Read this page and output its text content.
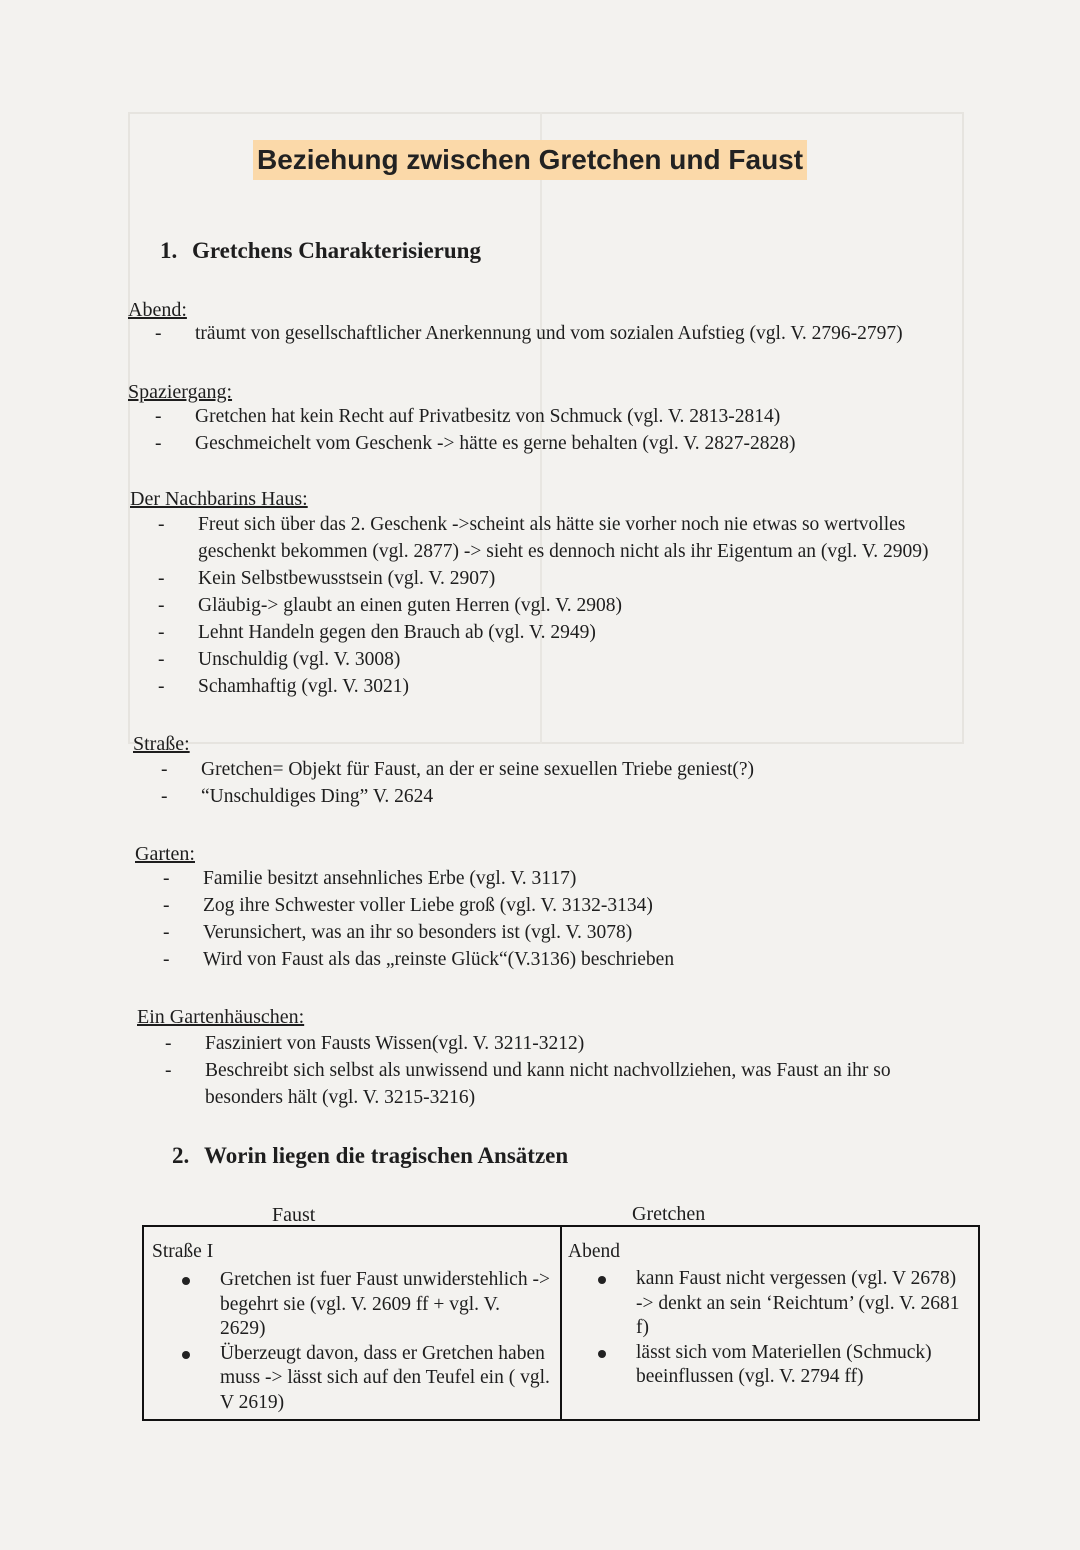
Beziehung zwischen Gretchen und Faust
1. Gretchens Charakterisierung
Abend:
- träumt von gesellschaftlicher Anerkennung und vom sozialen Aufstieg (vgl. V. 2796-2797)
Spaziergang:
- Gretchen hat kein Recht auf Privatbesitz von Schmuck (vgl. V. 2813-2814)
- Geschmeichelt vom Geschenk -> hätte es gerne behalten (vgl. V. 2827-2828)
Der Nachbarins Haus:
- Freut sich über das 2. Geschenk ->scheint als hätte sie vorher noch nie etwas so wertvolles geschenkt bekommen (vgl. 2877) -> sieht es dennoch nicht als ihr Eigentum an (vgl. V. 2909)
- Kein Selbstbewusstsein (vgl. V. 2907)
- Gläubig-> glaubt an einen guten Herren (vgl. V. 2908)
- Lehnt Handeln gegen den Brauch ab (vgl. V. 2949)
- Unschuldig (vgl. V. 3008)
- Schamhaftig (vgl. V. 3021)
Straße:
- Gretchen= Objekt für Faust, an der er seine sexuellen Triebe geniest(?)
- “Unschuldiges Ding” V. 2624
Garten:
- Familie besitzt ansehnliches Erbe (vgl. V. 3117)
- Zog ihre Schwester voller Liebe groß (vgl. V. 3132-3134)
- Verunsichert, was an ihr so besonders ist (vgl. V. 3078)
- Wird von Faust als das „reinste Glück“(V.3136) beschrieben
Ein Gartenhäuschen:
- Fasziniert von Fausts Wissen(vgl. V. 3211-3212)
- Beschreibt sich selbst als unwissend und kann nicht nachvollziehen, was Faust an ihr so besonders hält (vgl. V. 3215-3216)
2. Worin liegen die tragischen Ansätzen
Faust	Gretchen
Straße I
Gretchen ist fuer Faust unwiderstehlich -> begehrt sie (vgl. V. 2609 ff + vgl. V. 2629)
Überzeugt davon, dass er Gretchen haben muss -> lässt sich auf den Teufel ein ( vgl. V 2619)
Abend
kann Faust nicht vergessen (vgl. V 2678) -> denkt an sein ‘Reichtum’ (vgl. V. 2681 f)
lässt sich vom Materiellen (Schmuck) beeinflussen (vgl. V. 2794 ff)
